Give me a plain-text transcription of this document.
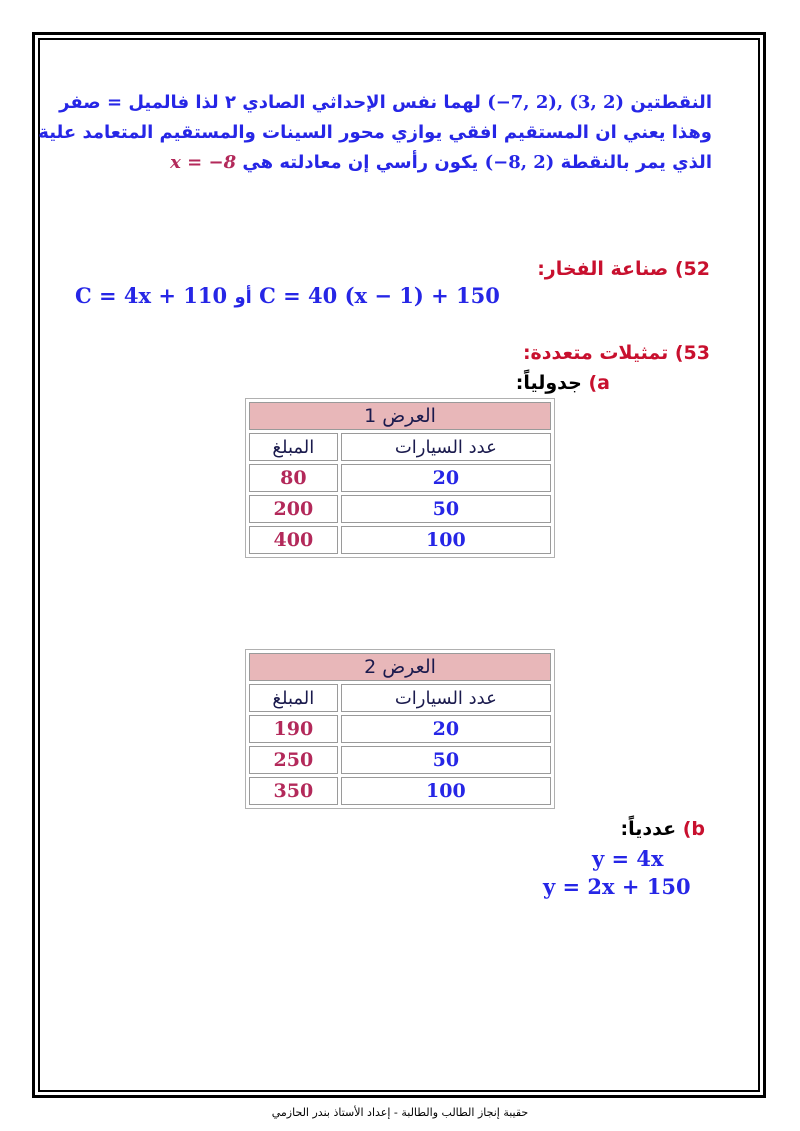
النقطتين (−7, 2), (3, 2) لهما نفس الإحداثي الصادي ٢ لذا فالميل = صفر
وهذا يعني ان المستقيم افقي يوازي محور السينات والمستقيم المتعامد علية
الذي يمر بالنقطة (−8, 2) يكون رأسي إن معادلته هي x = −8
52) صناعة الفخار:
C = 4x + 110 أو C = 40 (x − 1) + 150
53) تمثيلات متعددة:
a) جدولياً:
العرض 1	
عدد السيارات	المبلغ
20	80
50	200
100	400
العرض 2	
عدد السيارات	المبلغ
20	190
50	250
100	350
b) عددياً:
y = 4x
y = 2x + 150
حقيبة إنجاز الطالب والطالبة - إعداد الأستاذ بندر الحازمي
